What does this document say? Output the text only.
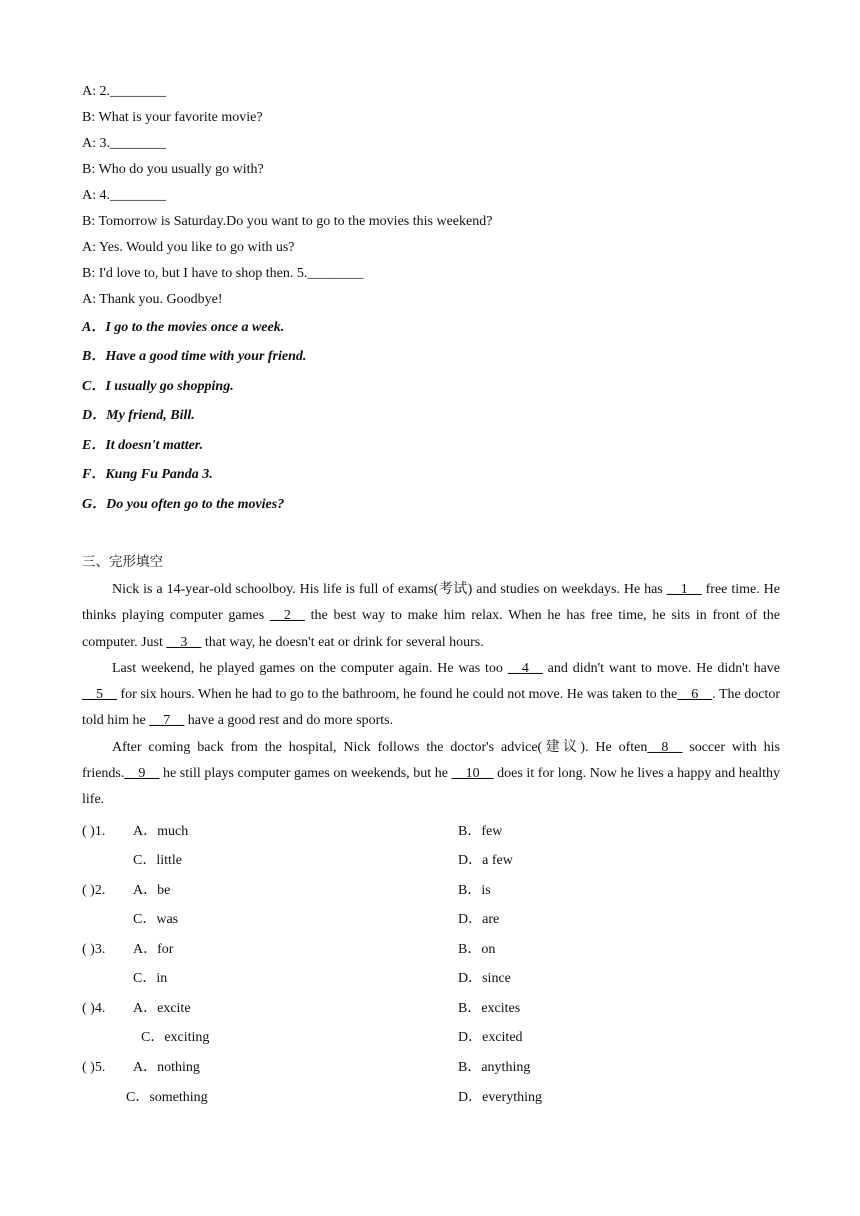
A: 2.________
B: What is your favorite movie?
A: 3.________
B: Who do you usually go with?
A: 4.________
B: Tomorrow is Saturday.Do you want to go to the movies this weekend?
A: Yes. Would you like to go with us?
B: I'd love to, but I have to shop then. 5.________
A: Thank you. Goodbye!
A．I go to the movies once a week.
B．Have a good time with your friend.
C．I usually go shopping.
D．My friend, Bill.
E．It doesn't matter.
F．Kung Fu Panda 3.
G．Do you often go to the movies?
三、完形填空

Nick is a 14-year-old schoolboy. His life is full of exams(考试) and studies on weekdays. He has __1__ free time. He thinks playing computer games __2__ the best way to make him relax. When he has free time, he sits in front of the computer. Just __3__ that way, he doesn't eat or drink for several hours.

Last weekend, he played games on the computer again. He was too __4__ and didn't want to move. He didn't have __5__ for six hours. When he had to go to the bathroom, he found he could not move. He was taken to the__6__. The doctor told him he __7__ have a good rest and do more sports.

After coming back from the hospital, Nick follows the doctor's advice(建议). He often__8__ soccer with his friends.__9__ he still plays computer games on weekends, but he __10__ does it for long. Now he lives a happy and healthy life.

( )1. A．much	B．few
C．little	D．a few
( )2. A．be	B．is
C．was	D．are
( )3. A．for	B．on
C．in	D．since
( )4. A．excite	B．excites
C．exciting	D．excited
( )5. A．nothing	B．anything
C．something	D．everything
